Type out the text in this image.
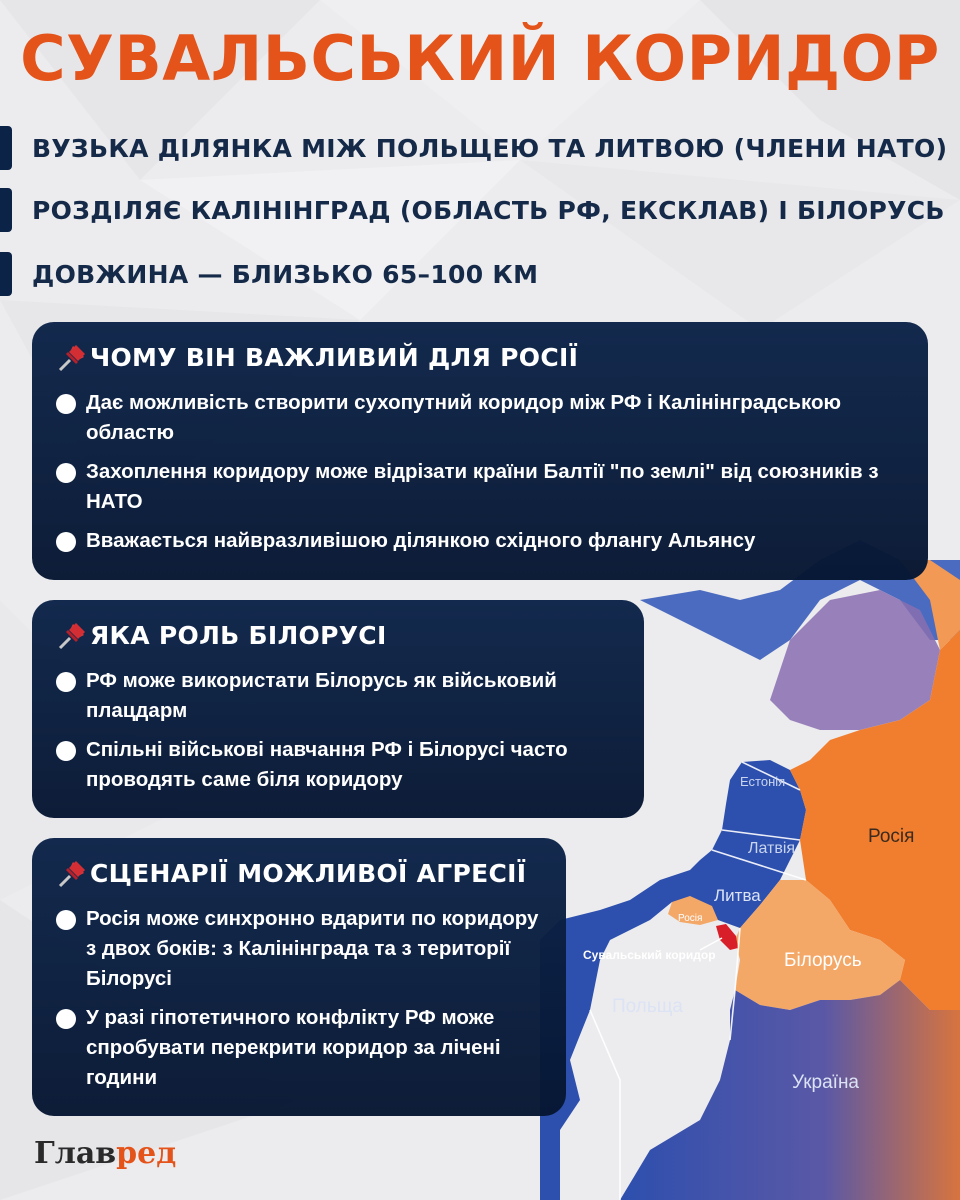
СУВАЛЬСЬКИЙ КОРИДОР
ВУЗЬКА ДІЛЯНКА МІЖ ПОЛЬЩЕЮ ТА ЛИТВОЮ (ЧЛЕНИ НАТО)
РОЗДІЛЯЄ КАЛІНІНГРАД (ОБЛАСТЬ РФ, ЕКСКЛАВ) І БІЛОРУСЬ
ДОВЖИНА — БЛИЗЬКО 65–100 КМ
ЧОМУ ВІН ВАЖЛИВИЙ ДЛЯ РОСІЇ
Дає можливість створити сухопутний коридор між РФ і Калінінградською областю
Захоплення коридору може відрізати країни Балтії "по землі" від союзників з НАТО
Вважається найвразливішою ділянкою східного флангу Альянсу
ЯКА РОЛЬ БІЛОРУСІ
РФ може використати Білорусь як військовий плацдарм
Спільні військові навчання РФ і Білорусі часто проводять саме біля коридору
СЦЕНАРІЇ МОЖЛИВОЇ АГРЕСІЇ
Росія може синхронно вдарити по коридору з двох боків: з Калінінграда та з території Білорусі
У разі гіпотетичного конфлікту РФ може спробувати перекрити коридор за лічені години
Естонія
Латвія
Литва
Росія
Росія
Сувальський коридор	Білорусь
Польща
Україна
Главред
